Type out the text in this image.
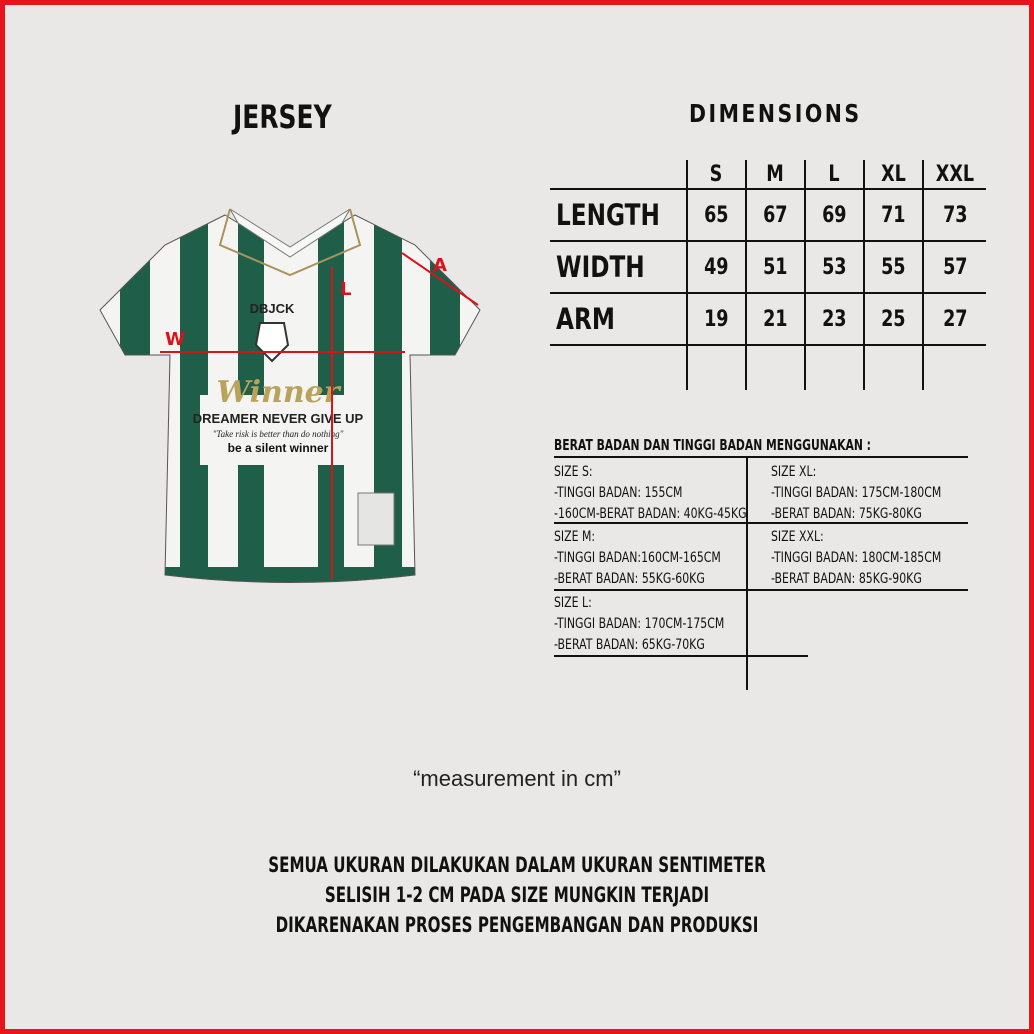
JERSEY	DIMENSIONS
DBJCK
Winner
DREAMER NEVER GIVE UP
"Take risk is better than do nothing"
be a silent winner
A
L
W
	S	M	L	XL	XXL
LENGTH	65	67	69	71	73
WIDTH	49	51	53	55	57
ARM	19	21	23	25	27

BERAT BADAN DAN TINGGI BADAN MENGGUNAKAN :

SIZE S:

-TINGGI BADAN: 155CM

-160CM-BERAT BADAN: 40KG-45KG

SIZE XL:

-TINGGI BADAN: 175CM-180CM

-BERAT BADAN: 75KG-80KG

SIZE M:

-TINGGI BADAN:160CM-165CM

-BERAT BADAN: 55KG-60KG

SIZE XXL:

-TINGGI BADAN: 180CM-185CM

-BERAT BADAN: 85KG-90KG

SIZE L:

-TINGGI BADAN: 170CM-175CM

-BERAT BADAN: 65KG-70KG

“measurement in cm”

SEMUA UKURAN DILAKUKAN DALAM UKURAN SENTIMETER

SELISIH 1-2 CM PADA SIZE MUNGKIN TERJADI

DIKARENAKAN PROSES PENGEMBANGAN DAN PRODUKSI
